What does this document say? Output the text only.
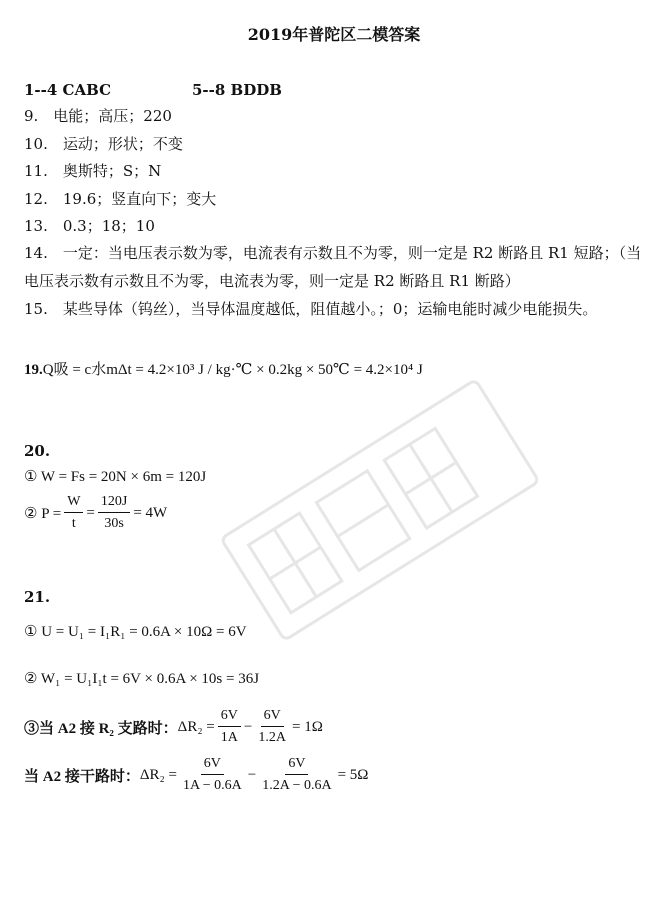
2019年普陀区二模答案
1--4 CABC	5--8 BDDB
9.　电能；高压；220
10.　运动；形状；不变
11.　奥斯特；S；N
12.　19.6；竖直向下；变大
13.　0.3；18；10
14.　一定：当电压表示数为零，电流表有示数且不为零，则一定是 R2 断路且 R1 短路；（当
电压表示数有示数且不为零，电流表为零，则一定是 R2 断路且 R1 断路）
15.　某些导体（钨丝），当导体温度越低，阻值越小。；0；运输电能时减少电能损失。
19.Q吸 = c水mΔt = 4.2×10³ J / kg·℃ × 0.2kg × 50℃ = 4.2×10⁴ J
20.
① W = Fs = 20N × 6m = 120J
② $P = \frac{W}{t} = \frac{120J}{30s} = 4W$
21.
① U = U₁ = I₁R₁ = 0.6A × 10Ω = 6V
② W₁ = U₁I₁t = 6V × 0.6A × 10s = 36J
③当 A2 接 R₂ 支路时： $\Delta R_2 = \frac{6V}{1A} - \frac{6V}{1.2A} = 1\Omega$
当 A2 接干路时： $\Delta R_2 = \frac{6V}{1A - 0.6A} - \frac{6V}{1.2A - 0.6A} = 5\Omega$
